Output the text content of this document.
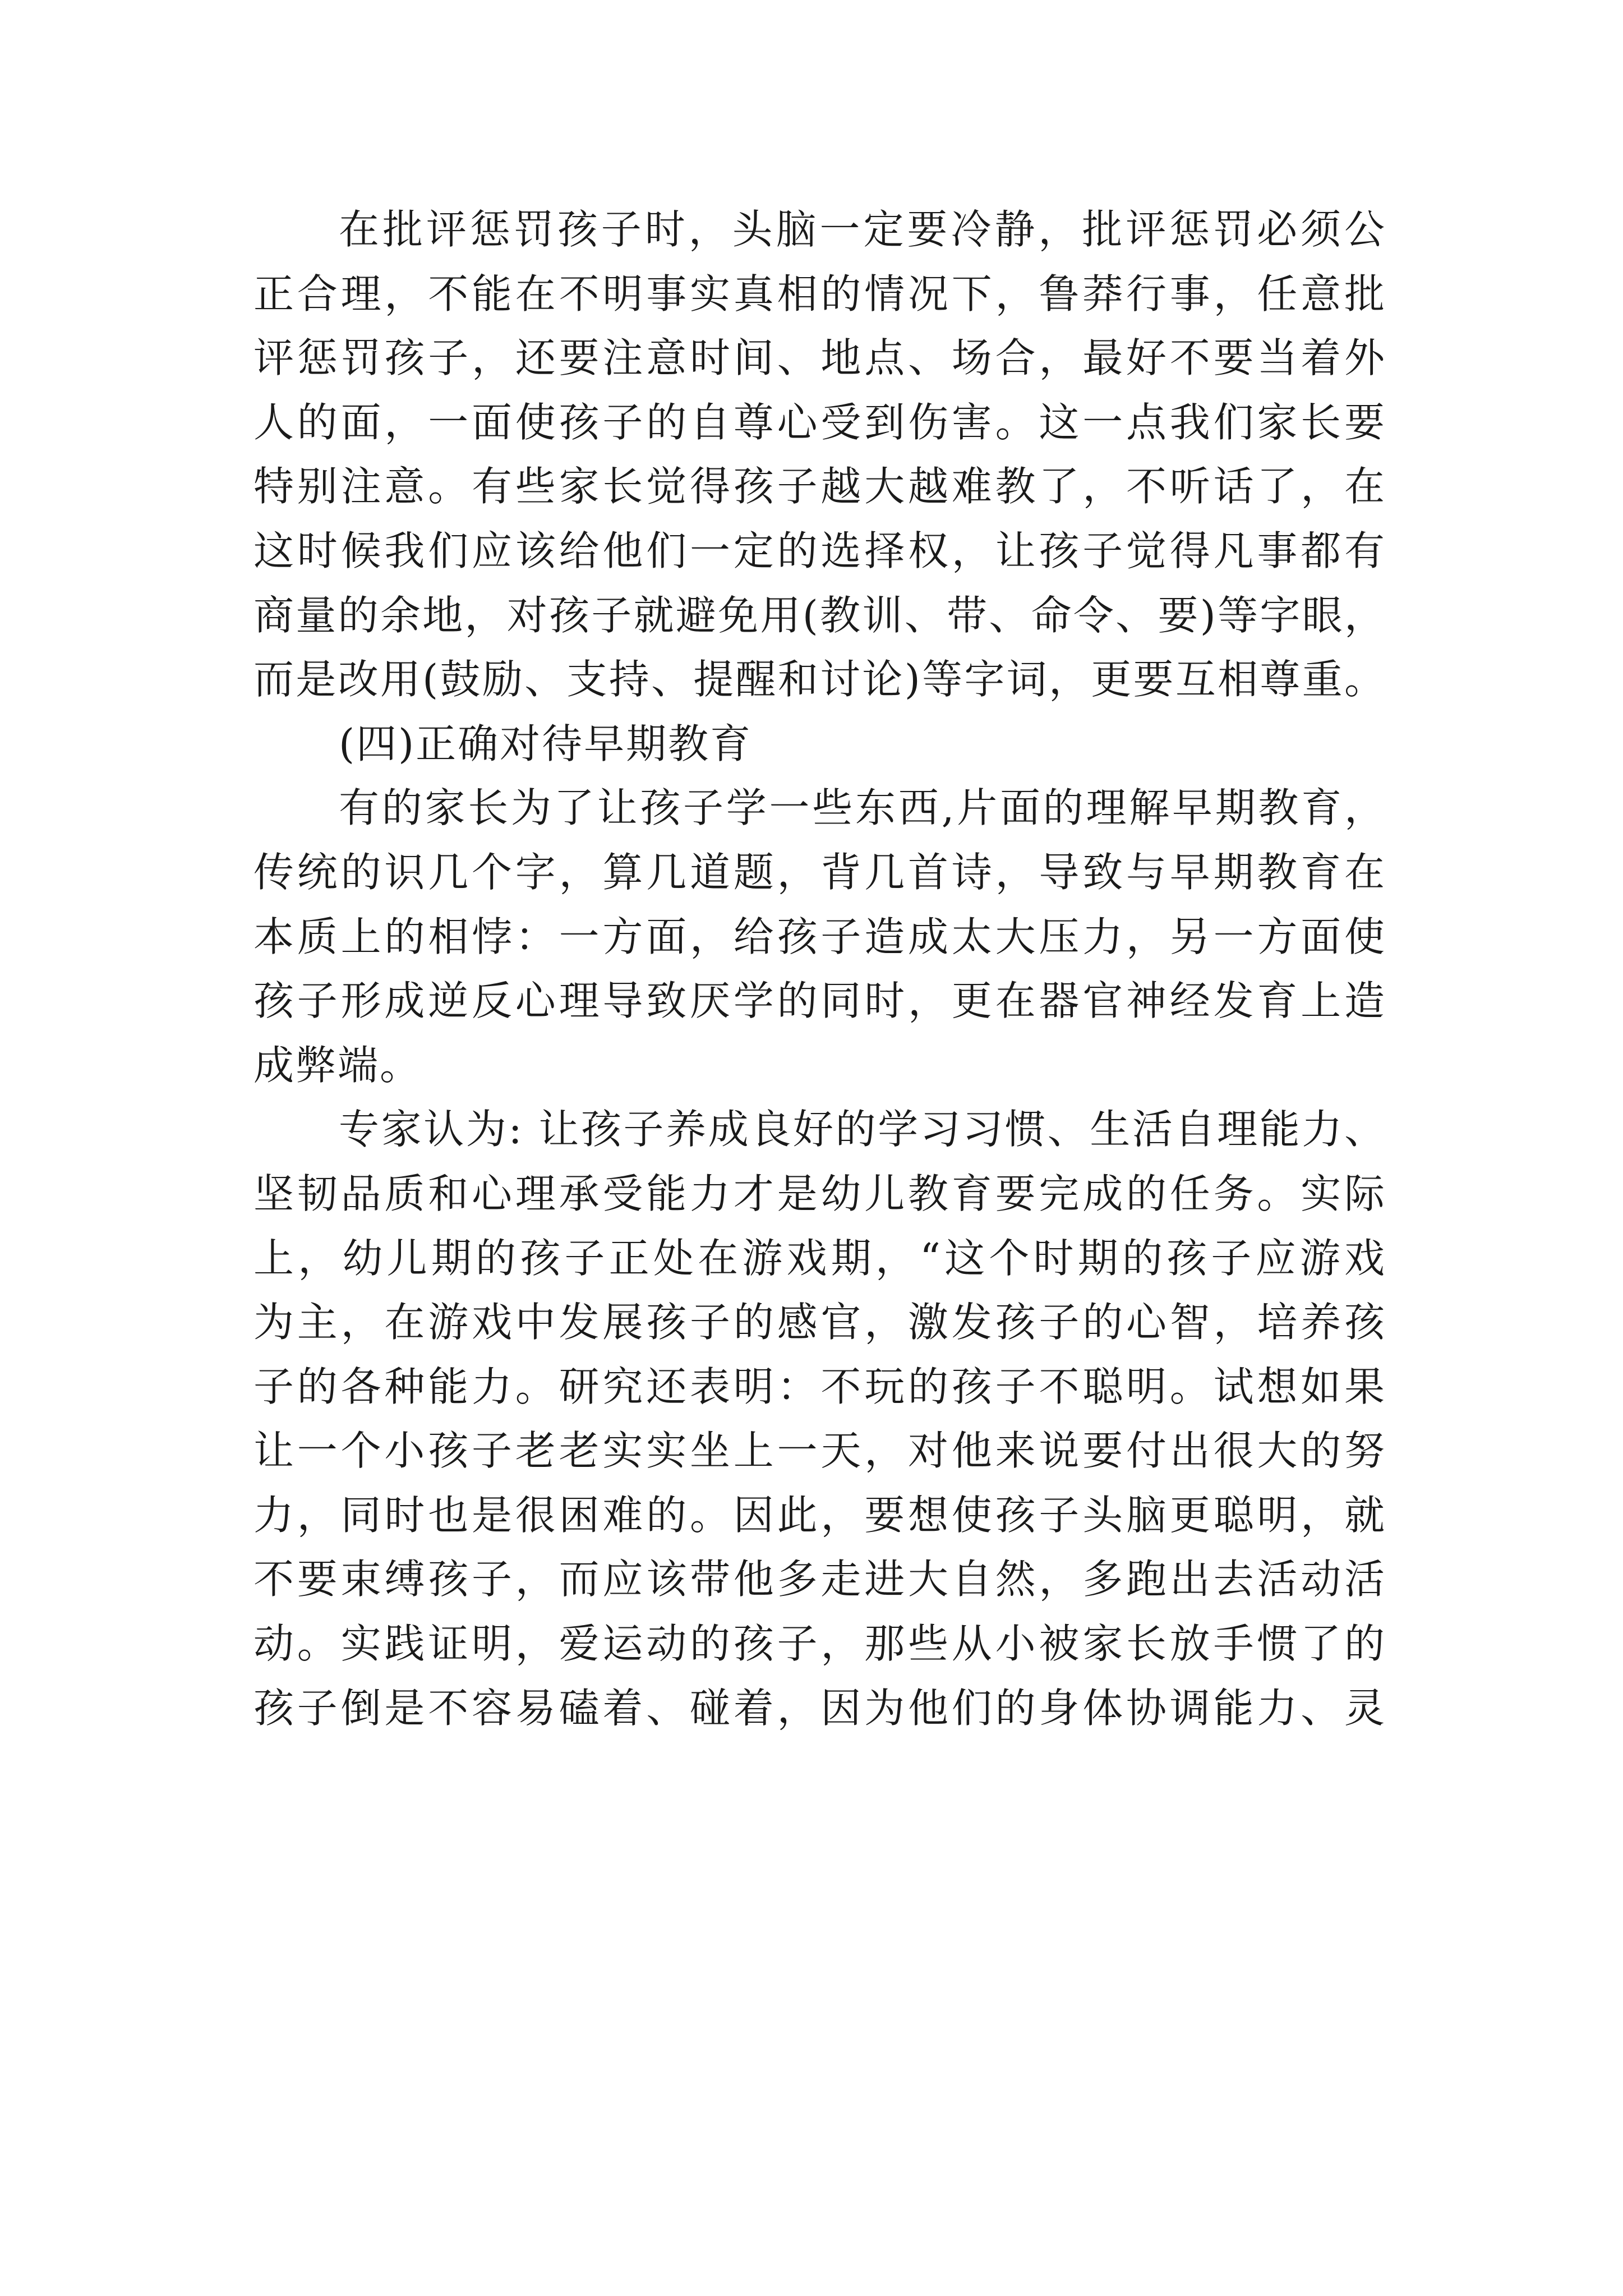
在批评惩罚孩子时，头脑一定要冷静，批评惩罚必须公
正合理，不能在不明事实真相的情况下，鲁莽行事，任意批
评惩罚孩子，还要注意时间、地点、场合，最好不要当着外
人的面，一面使孩子的自尊心受到伤害。这一点我们家长要
特别注意。有些家长觉得孩子越大越难教了，不听话了，在
这时候我们应该给他们一定的选择权，让孩子觉得凡事都有
商量的余地，对孩子就避免用(教训、带、命令、要)等字眼，
而是改用(鼓励、支持、提醒和讨论)等字词，更要互相尊重。
(四)正确对待早期教育
有的家长为了让孩子学一些东西,片面的理解早期教育，
传统的识几个字，算几道题，背几首诗，导致与早期教育在
本质上的相悖：一方面，给孩子造成太大压力，另一方面使
孩子形成逆反心理导致厌学的同时，更在器官神经发育上造
成弊端。
专家认为: 让孩子养成良好的学习习惯、生活自理能力、
坚韧品质和心理承受能力才是幼儿教育要完成的任务。实际
上，幼儿期的孩子正处在游戏期，“这个时期的孩子应游戏
为主，在游戏中发展孩子的感官，激发孩子的心智，培养孩
子的各种能力。研究还表明：不玩的孩子不聪明。试想如果
让一个小孩子老老实实坐上一天，对他来说要付出很大的努
力，同时也是很困难的。因此，要想使孩子头脑更聪明，就
不要束缚孩子，而应该带他多走进大自然，多跑出去活动活
动。实践证明，爱运动的孩子，那些从小被家长放手惯了的
孩子倒是不容易磕着、碰着，因为他们的身体协调能力、灵
